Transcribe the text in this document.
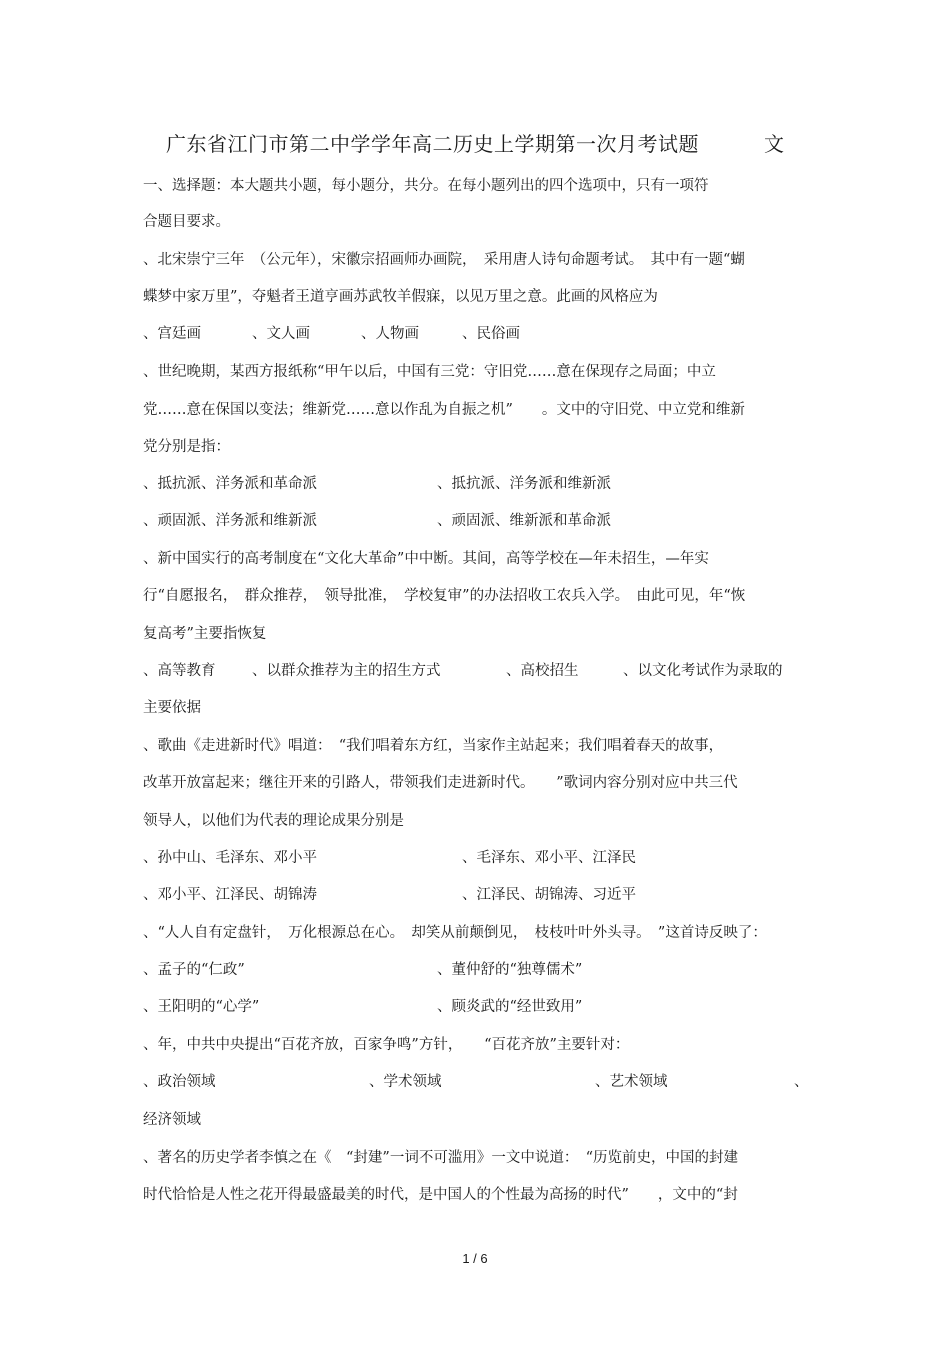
广东省江门市第二中学学年高二历史上学期第一次月考试题	文
一、选择题：本大题共小题，每小题分，共分。在每小题列出的四个选项中，只有一项符
合题目要求。
、北宋崇宁三年　（公元年），宋徽宗招画师办画院，　采用唐人诗句命题考试。　其中有一题“蝴
蝶梦中家万里”，夺魁者王道亨画苏武牧羊假寐，以见万里之意。此画的风格应为
、宫廷画	、文人画	、人物画	、民俗画
、世纪晚期，某西方报纸称“甲午以后，中国有三党：守旧党……意在保现存之局面；中立
党……意在保国以变法；维新党……意以作乱为自振之机”　　。文中的守旧党、中立党和维新
党分别是指：
、抵抗派、洋务派和革命派	、抵抗派、洋务派和维新派
、顽固派、洋务派和维新派	、顽固派、维新派和革命派
、新中国实行的高考制度在“文化大革命”中中断。其间，高等学校在—年未招生，—年实
行“自愿报名，　群众推荐，　领导批准，　学校复审”的办法招收工农兵入学。　由此可见，年“恢
复高考”主要指恢复
、高等教育	、以群众推荐为主的招生方式	、高校招生	、以文化考试作为录取的
主要依据
、歌曲《走进新时代》唱道：　“我们唱着东方红，当家作主站起来；我们唱着春天的故事，
改革开放富起来；继往开来的引路人，带领我们走进新时代。　　”歌词内容分别对应中共三代
领导人，以他们为代表的理论成果分别是
、孙中山、毛泽东、邓小平	、毛泽东、邓小平、江泽民
、邓小平、江泽民、胡锦涛	、江泽民、胡锦涛、习近平
、“人人自有定盘针，　万化根源总在心。　却笑从前颠倒见，　枝枝叶叶外头寻。　”这首诗反映了：
、孟子的“仁政”	、董仲舒的“独尊儒术”
、王阳明的“心学”	、顾炎武的“经世致用”
、年，中共中央提出“百花齐放，百家争鸣”方针，　　“百花齐放”主要针对：
、政治领域	、学术领域	、艺术领域	、
经济领域
、著名的历史学者李慎之在《　“封建”一词不可滥用》一文中说道：　“历览前史，中国的封建
时代恰恰是人性之花开得最盛最美的时代，是中国人的个性最为高扬的时代”　　，文中的“封
1 / 6
